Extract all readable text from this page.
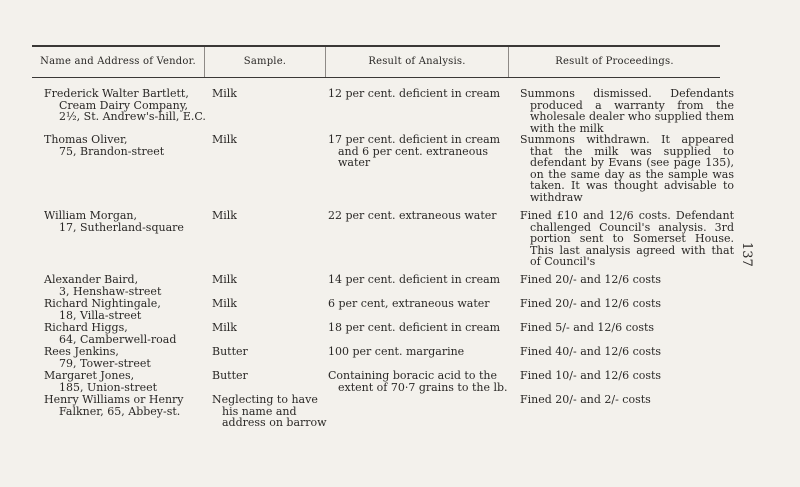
Name and Address of Vendor.	Sample.	Result of Analysis.	Result of Proceedings.
Frederick Walter Bartlett,
Cream Dairy Company, 2½, St. Andrew's-hill, E.C.	Milk	12 per cent. deficient in cream	Summons dismissed. Defendants produced a warranty from the wholesale dealer who supplied them with the milk

Thomas Oliver,
75, Brandon-street	Milk	17 per cent. deficient in cream and 6 per cent. extraneous water	Summons withdrawn. It appeared that the milk was supplied to defendant by Evans (see page 135), on the same day as the sample was taken. It was thought advisable to withdraw

William Morgan,
17, Sutherland-square	Milk	22 per cent. extraneous water	Fined £10 and 12/6 costs. Defendant challenged Council's analysis. 3rd portion sent to Somerset House. This last analysis agreed with that of Council's

Alexander Baird,
3, Henshaw-street	Milk	14 per cent. deficient in cream	Fined 20/- and 12/6 costs

Richard Nightingale,
18, Villa-street	Milk	6 per cent, extraneous water	Fined 20/- and 12/6 costs

Richard Higgs,
64, Camberwell-road	Milk	18 per cent. deficient in cream	Fined 5/- and 12/6 costs

Rees Jenkins,
79, Tower-street	Butter	100 per cent. margarine	Fined 40/- and 12/6 costs

Margaret Jones,
185, Union-street	Butter	Containing boracic acid to the extent of 70·7 grains to the lb.	Fined 10/- and 12/6 costs

Henry Williams or Henry
Falkner, 65, Abbey-st.	Neglecting to have his name and address on barrow		Fined 20/- and 2/- costs
137
